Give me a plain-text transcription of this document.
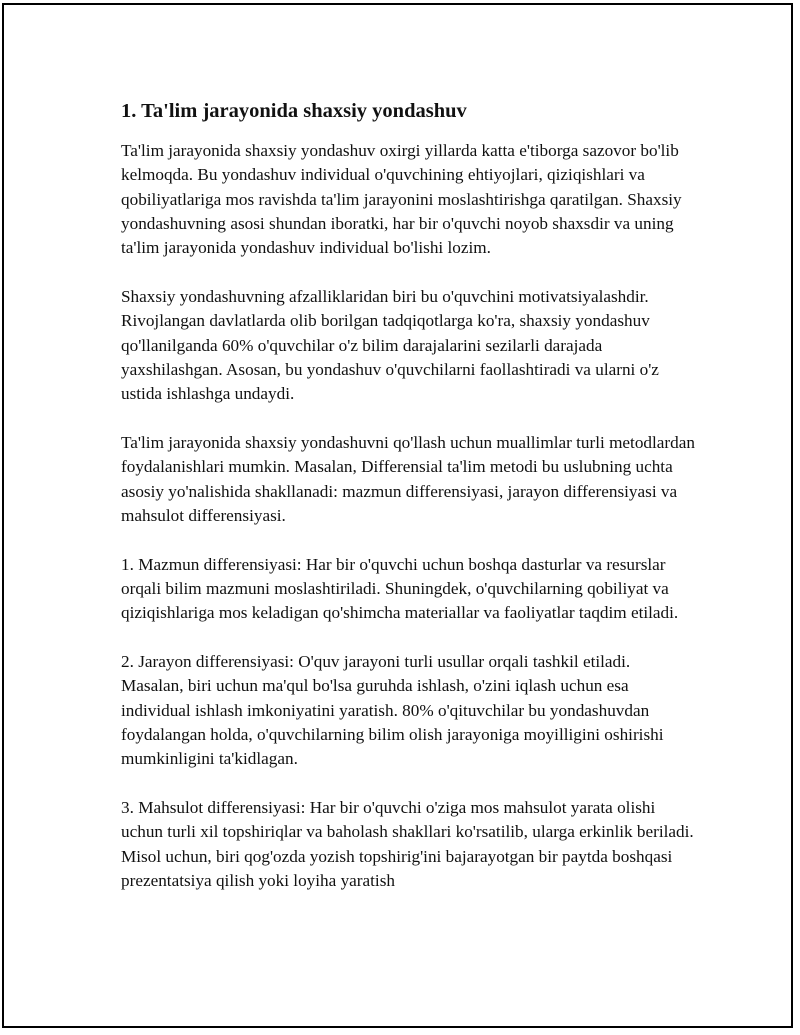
1. Ta'lim jarayonida shaxsiy yondashuv

Ta'lim jarayonida shaxsiy yondashuv oxirgi yillarda katta e'tiborga sazovor bo'lib kelmoqda. Bu yondashuv individual o'quvchining ehtiyojlari, qiziqishlari va qobiliyatlariga mos ravishda ta'lim jarayonini moslashtirishga qaratilgan. Shaxsiy yondashuvning asosi shundan iboratki, har bir o'quvchi noyob shaxsdir va uning ta'lim jarayonida yondashuv individual bo'lishi lozim.

Shaxsiy yondashuvning afzalliklaridan biri bu o'quvchini motivatsiyalashdir. Rivojlangan davlatlarda olib borilgan tadqiqotlarga ko'ra, shaxsiy yondashuv qo'llanilganda 60% o'quvchilar o'z bilim darajalarini sezilarli darajada yaxshilashgan. Asosan, bu yondashuv o'quvchilarni faollashtiradi va ularni o'z ustida ishlashga undaydi.

Ta'lim jarayonida shaxsiy yondashuvni qo'llash uchun muallimlar turli metodlardan foydalanishlari mumkin. Masalan, Differensial ta'lim metodi bu uslubning uchta asosiy yo'nalishida shakllanadi: mazmun differensiyasi, jarayon differensiyasi va mahsulot differensiyasi.

1. Mazmun differensiyasi: Har bir o'quvchi uchun boshqa dasturlar va resurslar orqali bilim mazmuni moslashtiriladi. Shuningdek, o'quvchilarning qobiliyat va qiziqishlariga mos keladigan qo'shimcha materiallar va faoliyatlar taqdim etiladi.

2. Jarayon differensiyasi: O'quv jarayoni turli usullar orqali tashkil etiladi. Masalan, biri uchun ma'qul bo'lsa guruhda ishlash, o'zini iqlash uchun esa individual ishlash imkoniyatini yaratish. 80% o'qituvchilar bu yondashuvdan foydalangan holda, o'quvchilarning bilim olish jarayoniga moyilligini oshirishi mumkinligini ta'kidlagan.

3. Mahsulot differensiyasi: Har bir o'quvchi o'ziga mos mahsulot yarata olishi uchun turli xil topshiriqlar va baholash shakllari ko'rsatilib, ularga erkinlik beriladi. Misol uchun, biri qog'ozda yozish topshirig'ini bajarayotgan bir paytda boshqasi prezentatsiya qilish yoki loyiha yaratish
